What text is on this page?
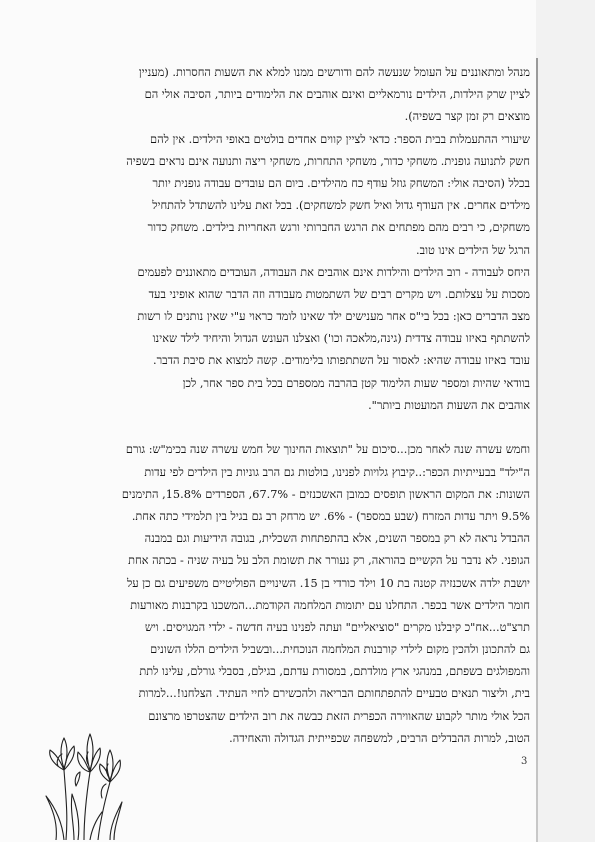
מנהל ומתאוננים על העומל שנעשה להם ודורשים ממנו למלא את השעות החסרות. (מעניין
לציין שרק הילדות, הילדים נורמאליים ואינם אוהבים את הלימודים ביותר, הסיבה אולי הם
מוצאים רק זמן קצר בשפיה).
שיעורי ההתעמלות בבית הספר: כדאי לציין קווים אחדים בולטים באופי הילדים. אין להם
חשק לתנועה גופנית. משחקי כדור, משחקי התחרות, משחקי ריצה ותנועה אינם נראים בשפיה
בכלל (הסיבה אולי: המשחק גוזל עודף כח מהילדים. ביום הם עובדים עבודה גופנית יותר
מילדים אחרים. אין העודף גדול ואיל חשק למשחקים). בכל זאת עלינו להשתדל להתחיל
משחקים, כי רבים מהם מפתחים את הרגש החברותי ורגש האחריות בילדים. משחק כדור
הרגל של הילדים אינו טוב.
היחס לעבודה - רוב הילדים והילדות אינם אוהבים את העבודה, העובדים מתאוננים לפעמים
מסכות על עצלותם. ויש מקרים רבים של השתמטות מעבודה וזה הדבר שהוא אופיני בעד
מצב הדברים כאן: בכל בי"ס אחר מענישים ילד שאינו לומד כראוי ע"י שאין נותנים לו רשות
להשתתף באיזו עבודה צדדית (גינה,מלאכה וכו') ואצלנו העונש הגדול והיחיד לילד שאינו
עובד באיזו עבודה שהיא: לאסור על השתתפותו בלימודים. קשה למצוא את סיבת הדבר.
בוודאי שהיות ומספר שעות הלימוד קטן בהרבה ממספרם בכל בית ספר אחר, לכן
אוהבים את השעות המועטות ביותר".
וחמש עשרה שנה לאחר מכן...סיכום על "תוצאות החינוך של חמש עשרה שנה בכימ"ש: גורם
ה"ילד" בבעייתיות הכפר:..קיבוץ גלויות לפנינו, בולטות גם הרב גוניות בין הילדים לפי עדות
השונות: את המקום הראשון תופסים כמובן האשכנזים - 67.7%, הספרדים 15.8%, התימנים
9.5% ויתר עדות המזרח (שבע במספר) - 6%. יש מרחק רב גם בגיל בין תלמידי כתה אחת.
ההבדל נראה לא רק במספר השנים, אלא בהתפתחות השכלית, בגובה הידיעות וגם במבנה
הגופני. לא נדבר על הקשיים בהוראה, רק נעורר את תשומת הלב על בעיה שניה - בכתה אחת
יושבת ילדה אשכנזיה קטנה בת 10 וילד כורדי בן 15. השינויים הפוליטיים משפיעים גם כן על
חומר הילדים אשר בכפר. התחלנו עם יתומות המלחמה הקודמת...המשכנו בקרבנות מאורעות
תרצ"ט...אח"כ קיבלנו מקרים "סוציאליים" ועתה לפנינו בעיה חדשה - ילדי המגויסים. ויש
גם להתכונן ולהכין מקום לילדי קורבנות המלחמה הנוכחית...ובשביל הילדים הללו השונים
והמפולגים בשפתם, במנהגי ארץ מולדתם, במסורת עדתם, בגילם, בסבלי גורלם, עלינו לתת
בית, וליצור תנאים טבעיים להתפתחותם הבריאה ולהכשירם לחיי העתיד. הצלחנו!...למרות
הכל אולי מותר לקבוע שהאווירה הכפרית הזאת כבשה את רוב הילדים שהצטרפו מרצונם
הטוב, למרות ההבדלים הרבים, למשפחה שכפייתית הגדולה והאחידה.
3
